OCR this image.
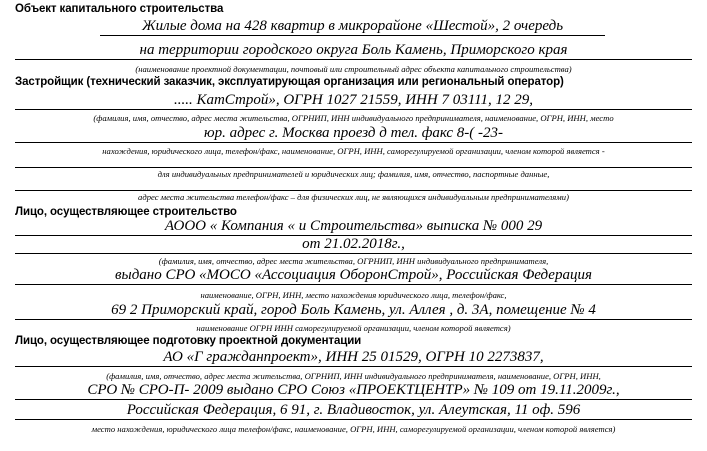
Объект капитального строительства
Жилые дома на 428 квартир в микрорайоне «Шестой», 2 очередь
на территории городского округа Боль Камень, Приморского края
(наименование проектной документации, почтовый или строительный адрес объекта капитального строительства)
Застройщик (технический заказчик, эксплуатирующая организация или региональный оператор)
..... КатСтрой», ОГРН 1027 21559, ИНН 7 03111, 12 29,
(фамилия, имя, отчество, адрес места жительства, ОГРНИП, ИНН индивидуального предпринимателя, наименование, ОГРН, ИНН, место
юр. адрес г. Москва проезд д тел. факс 8-( -23-
нахождения, юридического лица, телефон/факс, наименование, ОГРН, ИНН, саморегулируемой организации, членом которой является -
для индивидуальных предпринимателей и юридических лиц; фамилия, имя, отчество, паспортные данные,
адрес места жительства телефон/факс – для физических лиц, не являющихся индивидуальным предпринимателями)
Лицо, осуществляющее строительство
АООО « Компания « и Строительства» выписка № 000 29
от 21.02.2018г.,
(фамилия, имя, отчество, адрес места жительства, ОГРНИП, ИНН индивидуального предпринимателя,
выдано СРО «МОСО «Ассоциация ОборонСтрой», Российская Федерация
наименование, ОГРН, ИНН, место нахождения юридического лица, телефон/факс,
69 2 Приморский край, город Боль Камень, ул. Аллея , д. 3А, помещение № 4
наименование ОГРН ИНН саморегулируемой организации, членом которой является)
Лицо, осуществляющее подготовку проектной документации
АО «Г гражданпроект», ИНН 25 01529, ОГРН 10 2273837,
(фамилия, имя, отчество, адрес места жительства, ОГРНИП, ИНН индивидуального предпринимателя, наименование, ОГРН, ИНН,
СРО № СРО-П- 2009 выдано СРО Союз «ПРОЕКТЦЕНТР» № 109 от 19.11.2009г.,
Российская Федерация, 6 91, г. Владивосток, ул. Алеутская, 11 оф. 596
место нахождения, юридического лица телефон/факс, наименование, ОГРН, ИНН, саморегулируемой организации, членом которой является)
